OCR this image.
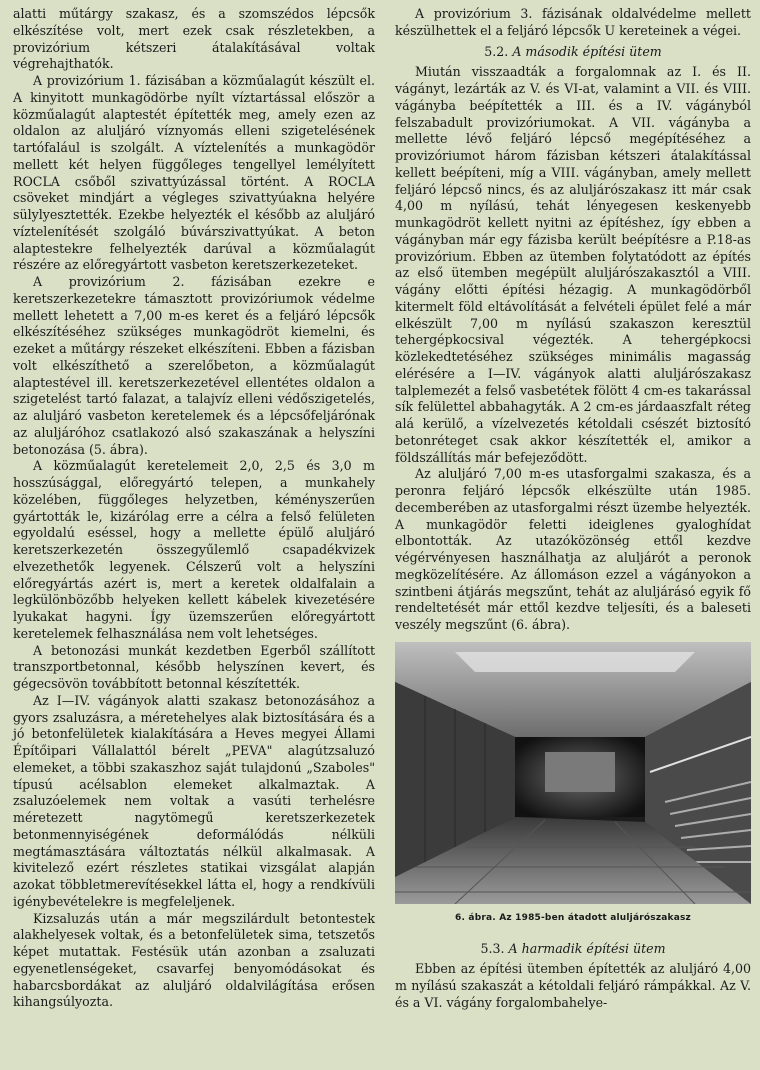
alatti műtárgy szakasz, és a szomszédos lépcsők elkészítése volt, mert ezek csak részletekben, a provizórium kétszeri átalakításával voltak végrehajthatók.

A provizórium 1. fázisában a közműalagút készült el. A kinyitott munkagödörbe nyílt víztartással először a közműalagút alaptestét építették meg, amely ezen az oldalon az aluljáró víznyomás elleni szigetelésének tartófalául is szolgált. A víztelenítés a munkagödör mellett két helyen függőleges tengellyel lemélyített ROCLA csőből szivattyúzással történt. A ROCLA csöveket mindjárt a végleges szivattyúakna helyére sülylyesztették. Ezekbe helyezték el később az aluljáró víztelenítését szolgáló búvárszivattyúkat. A beton alaptestekre felhelyezték darúval a közműalagút részére az előregyártott vasbeton keretszerkezeteket.

A provizórium 2. fázisában ezekre e keretszerkezetekre támasztott provizóriumok védelme mellett lehetett a 7,00 m-es keret és a feljáró lépcsők elkészítéséhez szükséges munkagödröt kiemelni, és ezeket a műtárgy részeket elkészíteni. Ebben a fázisban volt elkészíthető a szerelőbeton, a közműalagút alaptestével ill. keretszerkezetével ellentétes oldalon a szigetelést tartó falazat, a talajvíz elleni védőszigetelés, az aluljáró vasbeton keretelemek és a lépcsőfeljárónak az aluljáróhoz csatlakozó alsó szakaszának a helyszíni betonozása (5. ábra).

A közműalagút keretelemeit 2,0, 2,5 és 3,0 m hosszúsággal, előregyártó telepen, a munkahely közelében, függőleges helyzetben, kéményszerűen gyártották le, kizárólag erre a célra a felső felületen egyoldalú eséssel, hogy a mellette épülő aluljáró keretszerkezetén összegyűlemlő csapadékvizek elvezethetők legyenek. Célszerű volt a helyszíni előregyártás azért is, mert a keretek oldalfalain a legkülönbözőbb helyeken kellett kábelek kivezetésére lyukakat hagyni. Így üzemszerűen előregyártott keretelemek felhasználása nem volt lehetséges.

A betonozási munkát kezdetben Egerből szállított transzportbetonnal, később helyszínen kevert, és gégecsövön továbbított betonnal készítették.

Az I—IV. vágányok alatti szakasz betonozásához a gyors zsaluzásra, a méretehelyes alak biztosítására és a jó betonfelületek kialakítására a Heves megyei Állami Építőipari Vállalattól bérelt „PEVA" alagútzsaluzó elemeket, a többi szakaszhoz saját tulajdonú „Szaboles" típusú acélsablon elemeket alkalmaztak. A zsaluzóelemek nem voltak a vasúti terhelésre méretezett nagytömegű keretszerkezetek betonmennyiségének deformálódás nélküli megtámasztására változtatás nélkül alkalmasak. A kivitelező ezért részletes statikai vizsgálat alapján azokat többletmerevítésekkel látta el, hogy a rendkívüli igénybevételekre is megfeleljenek.

Kizsaluzás után a már megszilárdult betontestek alakhelyesek voltak, és a betonfelületek sima, tetszetős képet mutattak. Festésük után azonban a zsaluzati egyenetlenségeket, csavarfej benyomódásokat és habarcsbordákat az aluljáró oldalvilágítása erősen kihangsúlyozta.

A provizórium 3. fázisának oldalvédelme mellett készülhettek el a feljáró lépcsők U kereteinek a végei.

5.2. A második építési ütem

Miután visszaadták a forgalomnak az I. és II. vágányt, lezárták az V. és VI-at, valamint a VII. és VIII. vágányba beépítették a III. és a IV. vágányból felszabadult provizóriumokat. A VII. vágányba a mellette lévő feljáró lépcső megépítéséhez a provizóriumot három fázisban kétszeri átalakítással kellett beépíteni, míg a VIII. vágányban, amely mellett feljáró lépcső nincs, és az aluljárószakasz itt már csak 4,00 m nyílású, tehát lényegesen keskenyebb munkagödröt kellett nyitni az építéshez, így ebben a vágányban már egy fázisba került beépítésre a P.18-as provizórium. Ebben az ütemben folytatódott az építés az első ütemben megépült aluljárószakasztól a VIII. vágány előtti építési hézagig. A munkagödörből kitermelt föld eltávolítását a felvételi épület felé a már elkészült 7,00 m nyílású szakaszon keresztül tehergépkocsival végezték. A tehergépkocsi közlekedtetéséhez szükséges minimális magasság elérésére a I—IV. vágányok alatti aluljárószakasz talplemezét a felső vasbetétek fölött 4 cm-es takarással sík felülettel abbahagyták. A 2 cm-es járdaaszfalt réteg alá kerülő, a vízelvezetés kétoldali csészét biztosító betonréteget csak akkor készítették el, amikor a földszállítás már befejeződött.

Az aluljáró 7,00 m-es utasforgalmi szakasza, és a peronra feljáró lépcsők elkészülte után 1985. decemberében az utasforgalmi részt üzembe helyezték. A munkagödör feletti ideiglenes gyaloghídat elbontották. Az utazóközönség ettől kezdve végérvényesen használhatja az aluljárót a peronok megközelítésére. Az állomáson ezzel a vágányokon a szintbeni átjárás megszűnt, tehát az aluljárásó egyik fő rendeltetését már ettől kezdve teljesíti, és a baleseti veszély megszűnt (6. ábra).

6. ábra. Az 1985-ben átadott aluljárószakasz
5.3. A harmadik építési ütem

Ebben az építési ütemben építették az aluljáró 4,00 m nyílású szakaszát a kétoldali feljáró rámpákkal. Az V. és a VI. vágány forgalombahelye-
